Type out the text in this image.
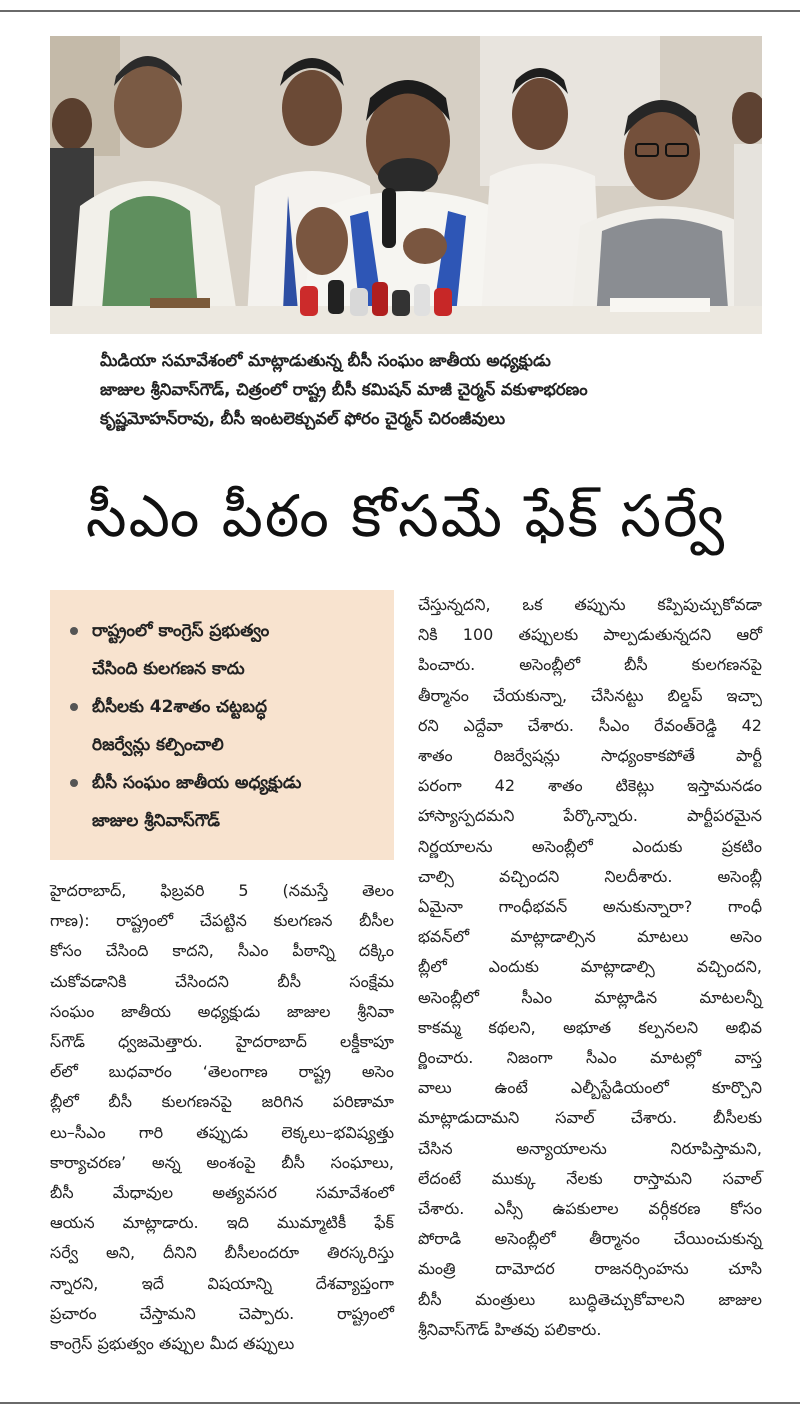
మీడియా సమావేశంలో మాట్లాడుతున్న బీసీ సంఘం జాతీయ అధ్యక్షుడు
జాజుల శ్రీనివాస్‌గౌడ్, చిత్రంలో రాష్ట్ర బీసీ కమిషన్ మాజీ చైర్మన్ వకుళాభరణం
కృష్ణమోహన్‌రావు, బీసీ ఇంటలెక్చువల్ ఫోరం చైర్మన్ చిరంజీవులు
సీఎం పీఠం కోసమే ఫేక్ సర్వే
రాష్ట్రంలో కాంగ్రెస్ ప్రభుత్వం
చేసింది కులగణన కాదు
బీసీలకు 42శాతం చట్టబద్ధ
రిజర్వేన్లు కల్పించాలి
బీసీ సంఘం జాతీయ అధ్యక్షుడు
జాజుల శ్రీనివాస్‌గౌడ్
హైదరాబాద్, ఫిబ్రవరి 5 (నమస్తే తెలం
గాణ): రాష్ట్రంలో చేపట్టిన కులగణన బీసీల
కోసం చేసింది కాదని, సీఎం పీఠాన్ని దక్కిం
చుకోవడానికి చేసిందని బీసీ సంక్షేమ
సంఘం జాతీయ అధ్యక్షుడు జాజుల శ్రీనివా
స్‌గౌడ్ ధ్వజమెత్తారు. హైదరాబాద్ లక్డీకాపూ
ల్‌లో బుధవారం ‘తెలంగాణ రాష్ట్ర అసెం
బ్లీలో బీసీ కులగణనపై జరిగిన పరిణామా
లు–సీఎం గారి తప్పుడు లెక్కలు–భవిష్యత్తు
కార్యాచరణ’ అన్న అంశంపై బీసీ సంఘాలు,
బీసీ మేధావుల అత్యవసర సమావేశంలో
ఆయన మాట్లాడారు. ఇది ముమ్మాటికీ ఫేక్
సర్వే అని, దీనిని బీసీలందరూ తిరస్కరిస్తు
న్నారని, ఇదే విషయాన్ని దేశవ్యాప్తంగా
ప్రచారం చేస్తామని చెప్పారు. రాష్ట్రంలో
కాంగ్రెస్ ప్రభుత్వం తప్పుల మీద తప్పులు
చేస్తున్నదని, ఒక తప్పును కప్పిపుచ్చుకోవడా
నికి 100 తప్పులకు పాల్పడుతున్నదని ఆరో
పించారు. అసెంబ్లీలో బీసీ కులగణనపై
తీర్మానం చేయకున్నా, చేసినట్టు బిల్డప్ ఇచ్చా
రని ఎద్దేవా చేశారు. సీఎం రేవంత్‌రెడ్డి 42
శాతం రిజర్వేషన్లు సాధ్యంకాకపోతే పార్టీ
పరంగా 42 శాతం టికెట్లు ఇస్తామనడం
హాస్యాస్పదమని పేర్కొన్నారు. పార్టీపరమైన
నిర్ణయాలను అసెంబ్లీలో ఎందుకు ప్రకటిం
చాల్సి వచ్చిందని నిలదీశారు. అసెంబ్లీ
ఏమైనా గాంధీభవన్ అనుకున్నారా? గాంధీ
భవన్‌లో మాట్లాడాల్సిన మాటలు అసెం
బ్లీలో ఎందుకు మాట్లాడాల్సి వచ్చిందని,
అసెంబ్లీలో సీఎం మాట్లాడిన మాటలన్నీ
కాకమ్మ కథలని, అభూత కల్పనలని అభివ
ర్ణించారు. నిజంగా సీఎం మాటల్లో వాస్త
వాలు ఉంటే ఎల్బీస్టేడియంలో కూర్చొని
మాట్లాడుదామని సవాల్ చేశారు. బీసీలకు
చేసిన అన్యాయాలను నిరూపిస్తామని,
లేదంటే ముక్కు నేలకు రాస్తామని సవాల్
చేశారు. ఎస్సీ ఉపకులాల వర్గీకరణ కోసం
పోరాడి అసెంబ్లీలో తీర్మానం చేయించుకున్న
మంత్రి దామోదర రాజనర్సింహను చూసి
బీసీ మంత్రులు బుద్ధితెచ్చుకోవాలని జాజుల
శ్రీనివాస్‌గౌడ్ హితవు పలికారు.
